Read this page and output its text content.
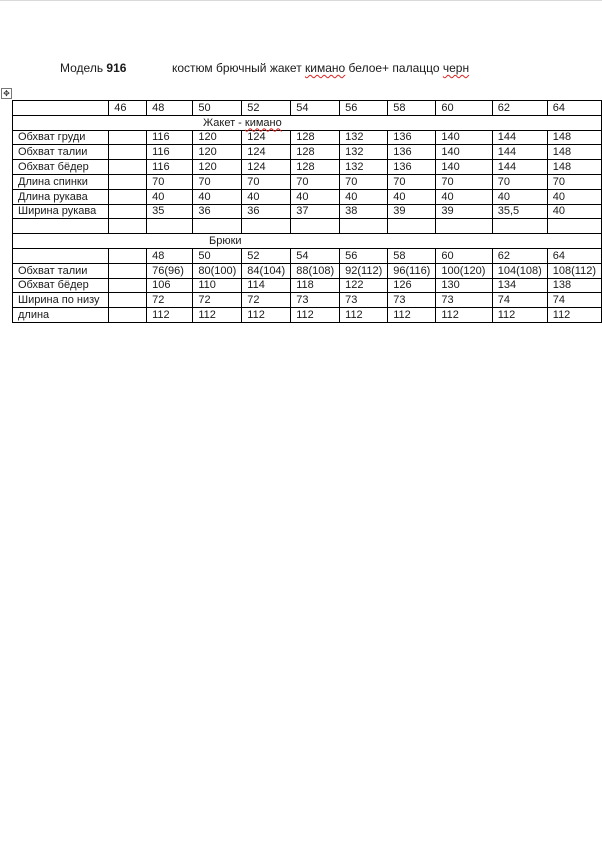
Модель 916	костюм брючный жакет кимано белое+ палаццо черн
✥
	46	48	50	52	54	56	58	60	62	64
Жакет - кимано										
Обхват груди		116	120	124	128	132	136	140	144	148
Обхват талии		116	120	124	128	132	136	140	144	148
Обхват бёдер		116	120	124	128	132	136	140	144	148
Длина спинки		70	70	70	70	70	70	70	70	70
Длина рукава		40	40	40	40	40	40	40	40	40
Ширина рукава		35	36	36	37	38	39	39	35,5	40

Брюки										
		48	50	52	54	56	58	60	62	64
Обхват талии		76(96)	80(100)	84(104)	88(108)	92(112)	96(116)	100(120)	104(108)	108(112)
Обхват бёдер		106	110	114	118	122	126	130	134	138
Ширина по низу		72	72	72	73	73	73	73	74	74
длина		112	112	112	112	112	112	112	112	112
